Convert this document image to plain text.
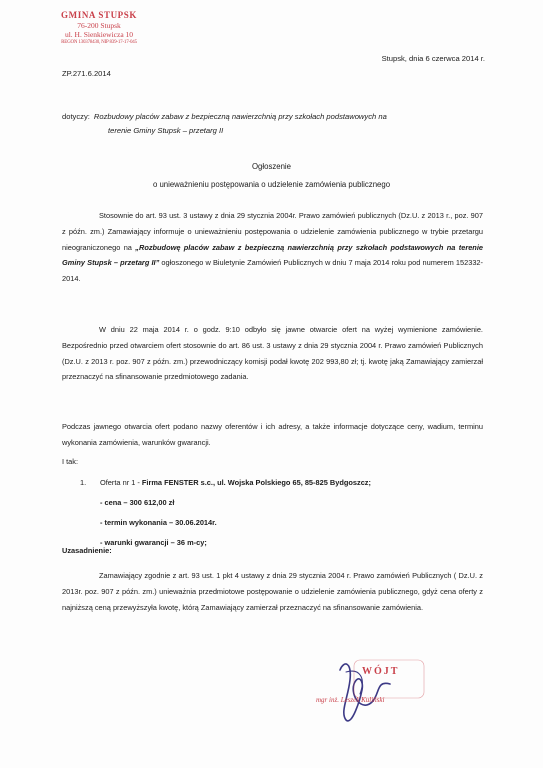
GMINA STUPSK
76-200 Stupsk
ul. H. Sienkiewicza 10
REGON 130378430, NIP 839-17-17-045
ZP.271.6.2014
Stupsk, dnia 6 czerwca 2014 r.
dotyczy: Rozbudowy placów zabaw z bezpieczną nawierzchnią przy szkołach podstawowych na
terenie Gminy Stupsk – przetarg II
Ogłoszenie
o unieważnieniu postępowania o udzielenie zamówienia publicznego
Stosownie do art. 93 ust. 3 ustawy z dnia 29 stycznia 2004r. Prawo zamówień publicznych (Dz.U. z 2013 r., poz. 907 z późn. zm.) Zamawiający informuje o unieważnieniu postępowania o udzielenie zamówienia publicznego w trybie przetargu nieograniczonego na „Rozbudowę placów zabaw z bezpieczną nawierzchnią przy szkołach podstawowych na terenie Gminy Stupsk – przetarg II” ogłoszonego w Biuletynie Zamówień Publicznych w dniu 7 maja 2014 roku pod numerem 152332-2014.
W dniu 22 maja 2014 r. o godz. 9:10 odbyło się jawne otwarcie ofert na wyżej wymienione zamówienie. Bezpośrednio przed otwarciem ofert stosownie do art. 86 ust. 3 ustawy z dnia 29 stycznia 2004 r. Prawo zamówień Publicznych (Dz.U. z 2013 r. poz. 907 z późn. zm.) przewodniczący komisji podał kwotę 202 993,80 zł; tj. kwotę jaką Zamawiający zamierzał przeznaczyć na sfinansowanie przedmiotowego zadania.
Podczas jawnego otwarcia ofert podano nazwy oferentów i ich adresy, a także informacje dotyczące ceny, wadium, terminu wykonania zamówienia, warunków gwarancji.
I tak:
1. Oferta nr 1 - Firma FENSTER s.c., ul. Wojska Polskiego 65, 85-825 Bydgoszcz;
- cena – 300 612,00 zł
- termin wykonania – 30.06.2014r.
- warunki gwarancji – 36 m-cy;
Uzasadnienie:
Zamawiający zgodnie z art. 93 ust. 1 pkt 4 ustawy z dnia 29 stycznia 2004 r. Prawo zamówień Publicznych ( Dz.U. z 2013r. poz. 907 z późn. zm.) unieważnia przedmiotowe postępowanie o udzielenie zamówienia publicznego, gdyż cena oferty z najniższą ceną przewyższyła kwotę, którą Zamawiający zamierzał przeznaczyć na sfinansowanie zamówienia.
WÓJT
mgr inż. Leszek Kuliński
